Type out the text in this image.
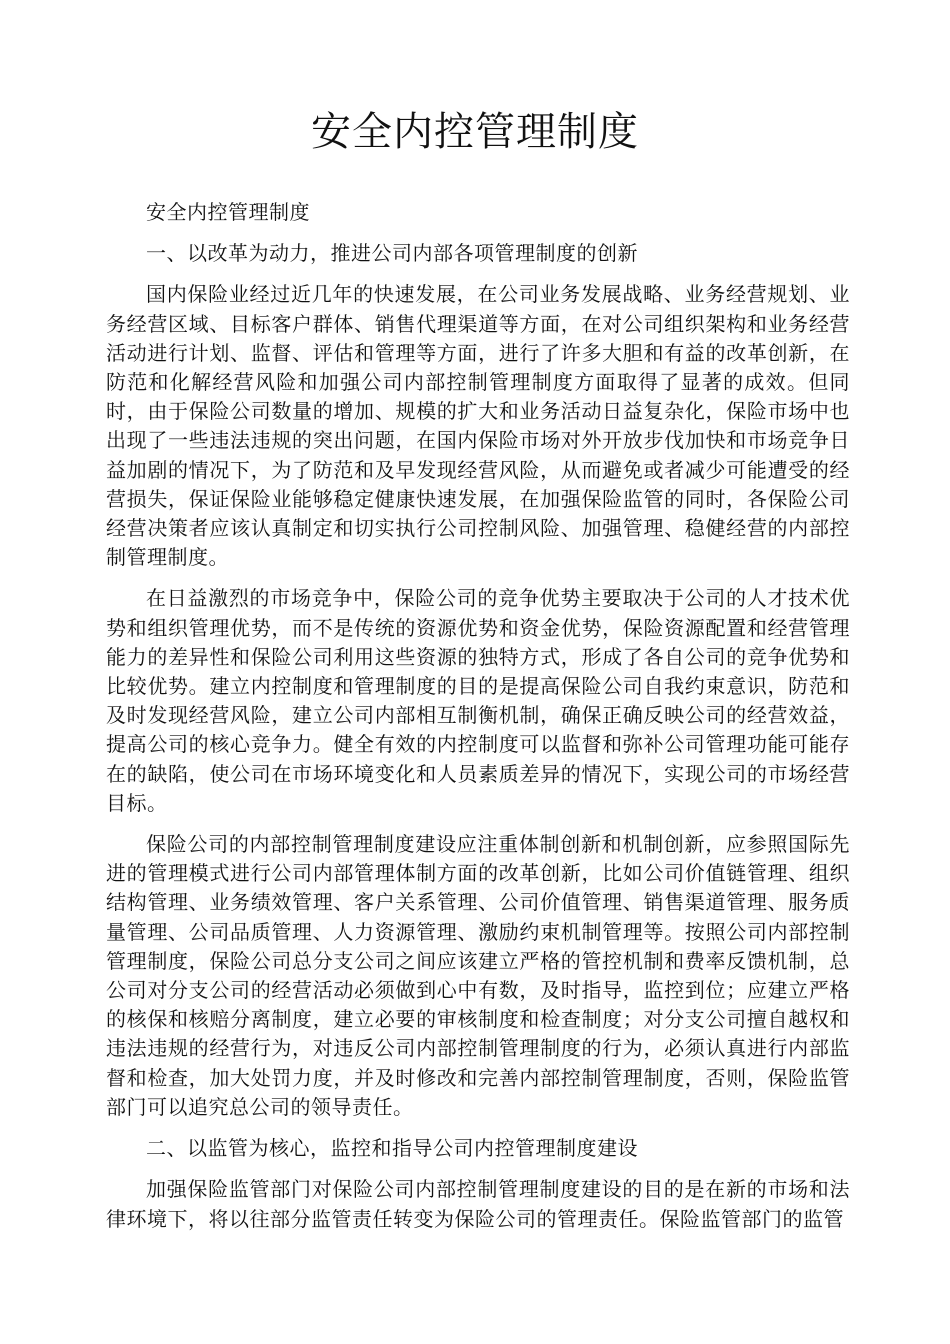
安全内控管理制度

安全内控管理制度

一、以改革为动力，推进公司内部各项管理制度的创新

国内保险业经过近几年的快速发展，在公司业务发展战略、业务经营规划、业务经营区域、目标客户群体、销售代理渠道等方面，在对公司组织架构和业务经营活动进行计划、监督、评估和管理等方面，进行了许多大胆和有益的改革创新，在防范和化解经营风险和加强公司内部控制管理制度方面取得了显著的成效。但同时，由于保险公司数量的增加、规模的扩大和业务活动日益复杂化，保险市场中也出现了一些违法违规的突出问题，在国内保险市场对外开放步伐加快和市场竞争日益加剧的情况下，为了防范和及早发现经营风险，从而避免或者减少可能遭受的经营损失，保证保险业能够稳定健康快速发展，在加强保险监管的同时，各保险公司经营决策者应该认真制定和切实执行公司控制风险、加强管理、稳健经营的内部控制管理制度。

在日益激烈的市场竞争中，保险公司的竞争优势主要取决于公司的人才技术优势和组织管理优势，而不是传统的资源优势和资金优势，保险资源配置和经营管理能力的差异性和保险公司利用这些资源的独特方式，形成了各自公司的竞争优势和比较优势。建立内控制度和管理制度的目的是提高保险公司自我约束意识，防范和及时发现经营风险，建立公司内部相互制衡机制，确保正确反映公司的经营效益，提高公司的核心竞争力。健全有效的内控制度可以监督和弥补公司管理功能可能存在的缺陷，使公司在市场环境变化和人员素质差异的情况下，实现公司的市场经营目标。

保险公司的内部控制管理制度建设应注重体制创新和机制创新，应参照国际先进的管理模式进行公司内部管理体制方面的改革创新，比如公司价值链管理、组织结构管理、业务绩效管理、客户关系管理、公司价值管理、销售渠道管理、服务质量管理、公司品质管理、人力资源管理、激励约束机制管理等。按照公司内部控制管理制度，保险公司总分支公司之间应该建立严格的管控机制和费率反馈机制，总公司对分支公司的经营活动必须做到心中有数，及时指导，监控到位；应建立严格的核保和核赔分离制度，建立必要的审核制度和检查制度；对分支公司擅自越权和违法违规的经营行为，对违反公司内部控制管理制度的行为，必须认真进行内部监督和检查，加大处罚力度，并及时修改和完善内部控制管理制度，否则，保险监管部门可以追究总公司的领导责任。

二、以监管为核心，监控和指导公司内控管理制度建设

加强保险监管部门对保险公司内部控制管理制度建设的目的是在新的市场和法律环境下，将以往部分监管责任转变为保险公司的管理责任。保险监管部门的监管
